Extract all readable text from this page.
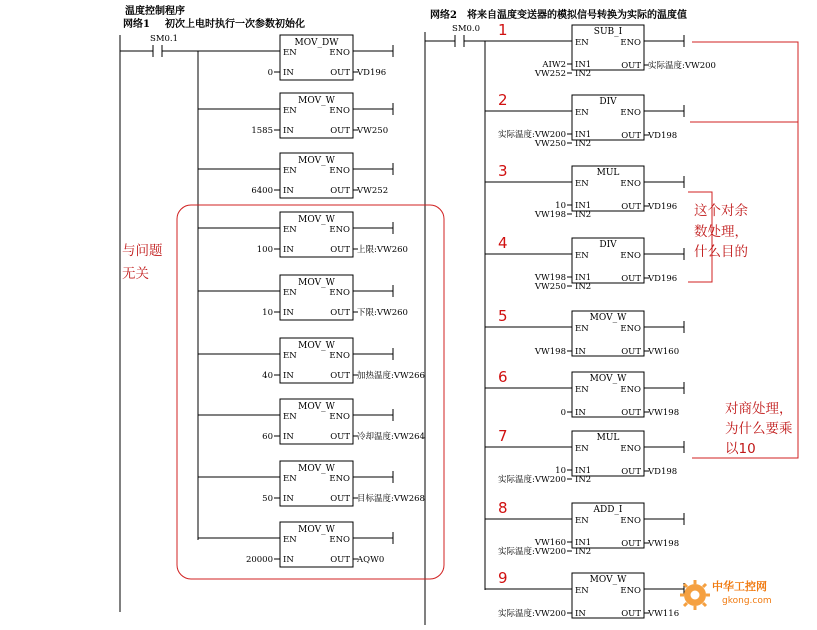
温度控制程序
网络1 初次上电时执行一次参数初始化
网络2 将来自温度变送器的模拟信号转换为实际的温度值
SM0.1
SM0.0
MOV_DW
EN	ENO
IN	OUT
0	VD196
MOV_W
EN	ENO
IN	OUT
1585	VW250
MOV_W
EN	ENO
IN	OUT
6400	VW252
MOV_W
EN	ENO
IN	OUT
100	上限:VW260
MOV_W
EN	ENO
IN	OUT
10	下限:VW260
MOV_W
EN	ENO
IN	OUT
40	加热温度:VW266
MOV_W
EN	ENO
IN	OUT
60	冷却温度:VW264
MOV_W
EN	ENO
IN	OUT
50	目标温度:VW268
MOV_W
EN	ENO
IN	OUT
20000	AQW0
1	SUB_I
EN	ENO
OUT 实际温度:VW200
IN1
IN2
AIW2
VW252
2	DIV
EN	ENO
OUT VD198
IN1
IN2
实际温度:VW200
VW250
3	MUL
EN	ENO
OUT VD196
IN1
IN2
10
VW198
4	DIV
EN	ENO
OUT VD196
IN1
IN2
VW198
VW250
5	MOV_W
EN	ENO
OUT VW160
IN
VW198
6	MOV_W
EN	ENO
OUT VW198
IN
0
7	MUL
EN	ENO
OUT VD198
IN1
IN2
10
实际温度:VW200
8	ADD_I
EN	ENO
OUT VW198
IN1
IN2
VW160
实际温度:VW200
9	MOV_W
EN	ENO
OUT VW116
IN
实际温度:VW200
与问题
无关
这个对余
数处理，
什么目的
对商处理，
为什么要乘
以10
中华工控网
gkong.com
